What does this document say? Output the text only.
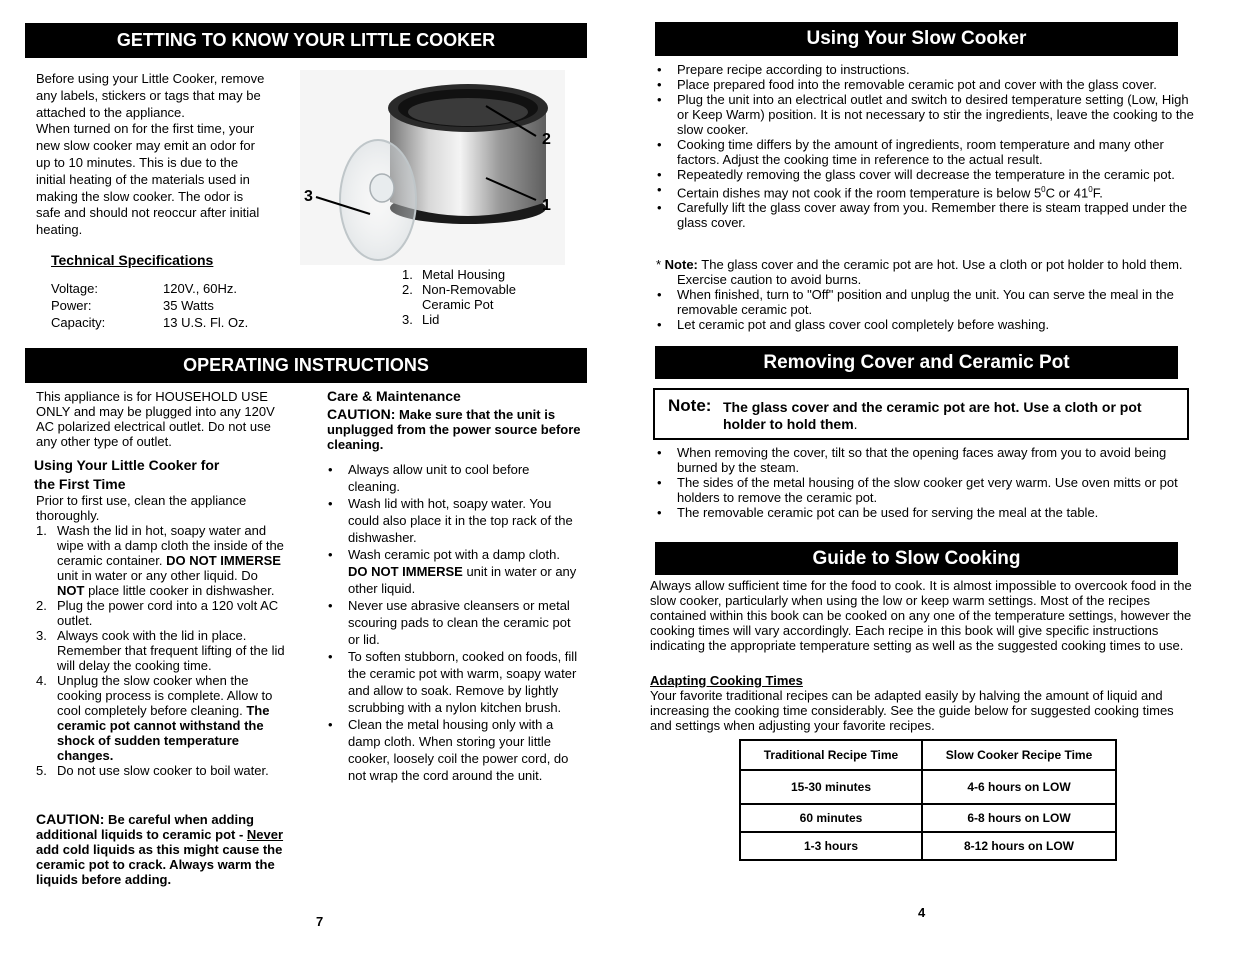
GETTING TO KNOW YOUR LITTLE COOKER
Before using your Little Cooker, remove
any labels, stickers or tags that may be
attached to the appliance.
When turned on for the first time, your
new slow cooker may emit an odor for
up to 10 minutes. This is due to the
initial heating of the materials used in
making the slow cooker. The odor is
safe and should not reoccur after initial
heating.
2
1
3
1. Metal Housing
2. Non-Removable
Ceramic Pot
3. Lid
Technical Specifications
Voltage:	120V., 60Hz.
Power:	35 Watts
Capacity:	13 U.S. Fl. Oz.
OPERATING INSTRUCTIONS
This appliance is for HOUSEHOLD USE ONLY and may be plugged into any 120V AC polarized electrical outlet. Do not use any other type of outlet.
Using Your Little Cooker for
the First Time
Prior to first use, clean the appliance thoroughly.
1. Wash the lid in hot, soapy water and wipe with a damp cloth the inside of the ceramic container. DO NOT IMMERSE unit in water or any other liquid. Do NOT place little cooker in dishwasher.
2. Plug the power cord into a 120 volt AC outlet.
3. Always cook with the lid in place. Remember that frequent lifting of the lid will delay the cooking time.
4. Unplug the slow cooker when the cooking process is complete. Allow to cool completely before cleaning. The ceramic pot cannot withstand the shock of sudden temperature changes.
5. Do not use slow cooker to boil water.
CAUTION: Be careful when adding additional liquids to ceramic pot - Never add cold liquids as this might cause the ceramic pot to crack. Always warm the liquids before adding.
Care & Maintenance
CAUTION: Make sure that the unit is unplugged from the power source before cleaning.
• Always allow unit to cool before cleaning.
• Wash lid with hot, soapy water. You could also place it in the top rack of the dishwasher.
• Wash ceramic pot with a damp cloth. DO NOT IMMERSE unit in water or any other liquid.
• Never use abrasive cleansers or metal scouring pads to clean the ceramic pot or lid.
• To soften stubborn, cooked on foods, fill the ceramic pot with warm, soapy water and allow to soak. Remove by lightly scrubbing with a nylon kitchen brush.
• Clean the metal housing only with a damp cloth. When storing your little cooker, loosely coil the power cord, do not wrap the cord around the unit.
7
Using Your Slow Cooker
• Prepare recipe according to instructions.
• Place prepared food into the removable ceramic pot and cover with the glass cover.
• Plug the unit into an electrical outlet and switch to desired temperature setting (Low, High or Keep Warm) position. It is not necessary to stir the ingredients, leave the cooking to the slow cooker.
• Cooking time differs by the amount of ingredients, room temperature and many other factors. Adjust the cooking time in reference to the actual result.
• Repeatedly removing the glass cover will decrease the temperature in the ceramic pot.
• Certain dishes may not cook if the room temperature is below $5^0C$ or $41^0F$.
• Carefully lift the glass cover away from you. Remember there is steam trapped under the glass cover.
* Note: The glass cover and the ceramic pot are hot. Use a cloth or pot holder to hold them. Exercise caution to avoid burns.
• When finished, turn to "Off" position and unplug the unit. You can serve the meal in the removable ceramic pot.
• Let ceramic pot and glass cover cool completely before washing.
Removing Cover and Ceramic Pot
Note: The glass cover and the ceramic pot are hot. Use a cloth or pot holder to hold them.
• When removing the cover, tilt so that the opening faces away from you to avoid being burned by the steam.
• The sides of the metal housing of the slow cooker get very warm. Use oven mitts or pot holders to remove the ceramic pot.
• The removable ceramic pot can be used for serving the meal at the table.
Guide to Slow Cooking
Always allow sufficient time for the food to cook. It is almost impossible to overcook food in the slow cooker, particularly when using the low or keep warm settings. Most of the recipes contained within this book can be cooked on any one of the temperature settings, however the cooking times will vary accordingly. Each recipe in this book will give specific instructions indicating the appropriate temperature setting as well as the suggested cooking times to use.
Adapting Cooking Times
Your favorite traditional recipes can be adapted easily by halving the amount of liquid and increasing the cooking time considerably. See the guide below for suggested cooking times and settings when adjusting your favorite recipes.
Traditional Recipe Time	Slow Cooker Recipe Time
15-30 minutes	4-6 hours on LOW
60 minutes	6-8 hours on LOW
1-3 hours	8-12 hours on LOW
4
